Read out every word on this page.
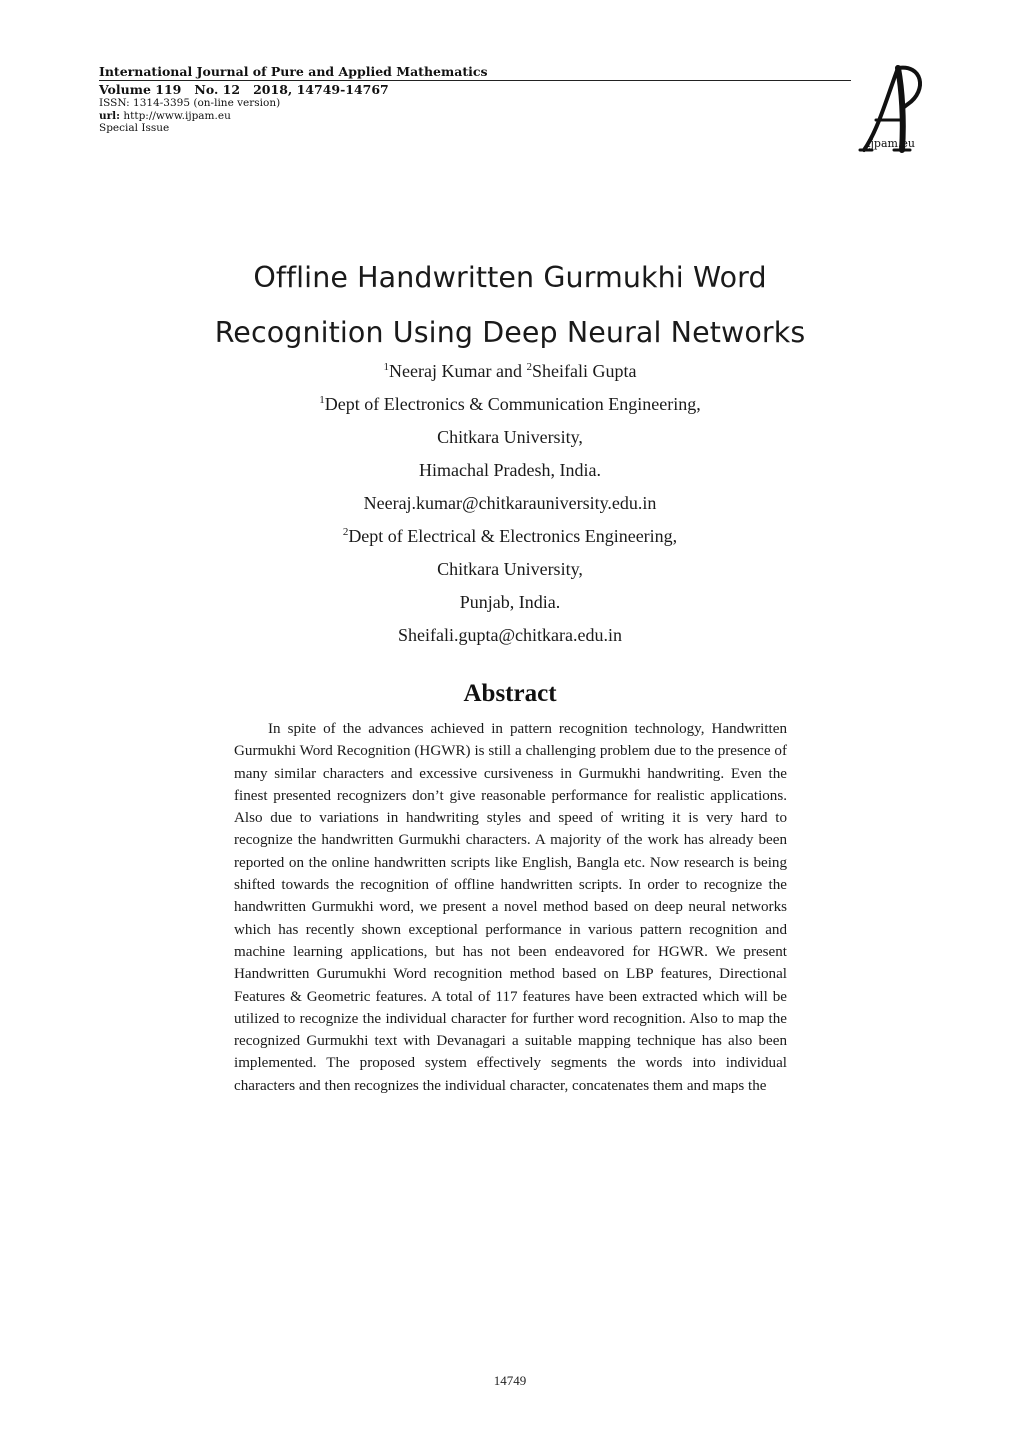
International Journal of Pure and Applied Mathematics
Volume 119   No. 12   2018, 14749-14767
ISSN: 1314-3395 (on-line version)
url: http://www.ijpam.eu
Special Issue
ijpam.eu
Offline Handwritten Gurmukhi Word
Recognition Using Deep Neural Networks
$^1$Neeraj Kumar and $^2$Sheifali Gupta
$^1$Dept of Electronics & Communication Engineering,
Chitkara University,
Himachal Pradesh, India.
Neeraj.kumar@chitkarauniversity.edu.in
$^2$Dept of Electrical & Electronics Engineering,
Chitkara University,
Punjab, India.
Sheifali.gupta@chitkara.edu.in
Abstract
In spite of the advances achieved in pattern recognition technology, Handwritten Gurmukhi Word Recognition (HGWR) is still a challenging problem due to the presence of many similar characters and excessive cursiveness in Gurmukhi handwriting. Even the finest presented recognizers don’t give reasonable performance for realistic applications. Also due to variations in handwriting styles and speed of writing it is very hard to recognize the handwritten Gurmukhi characters. A majority of the work has already been reported on the online handwritten scripts like English, Bangla etc. Now research is being shifted towards the recognition of offline handwritten scripts. In order to recognize the handwritten Gurmukhi word, we present a novel method based on deep neural networks which has recently shown exceptional performance in various pattern recognition and machine learning applications, but has not been endeavored for HGWR. We present Handwritten Gurumukhi Word recognition method based on LBP features, Directional Features & Geometric features. A total of 117 features have been extracted which will be utilized to recognize the individual character for further word recognition. Also to map the recognized Gurmukhi text with Devanagari a suitable mapping technique has also been implemented. The proposed system effectively segments the words into individual characters and then recognizes the individual character, concatenates them and maps the
14749
